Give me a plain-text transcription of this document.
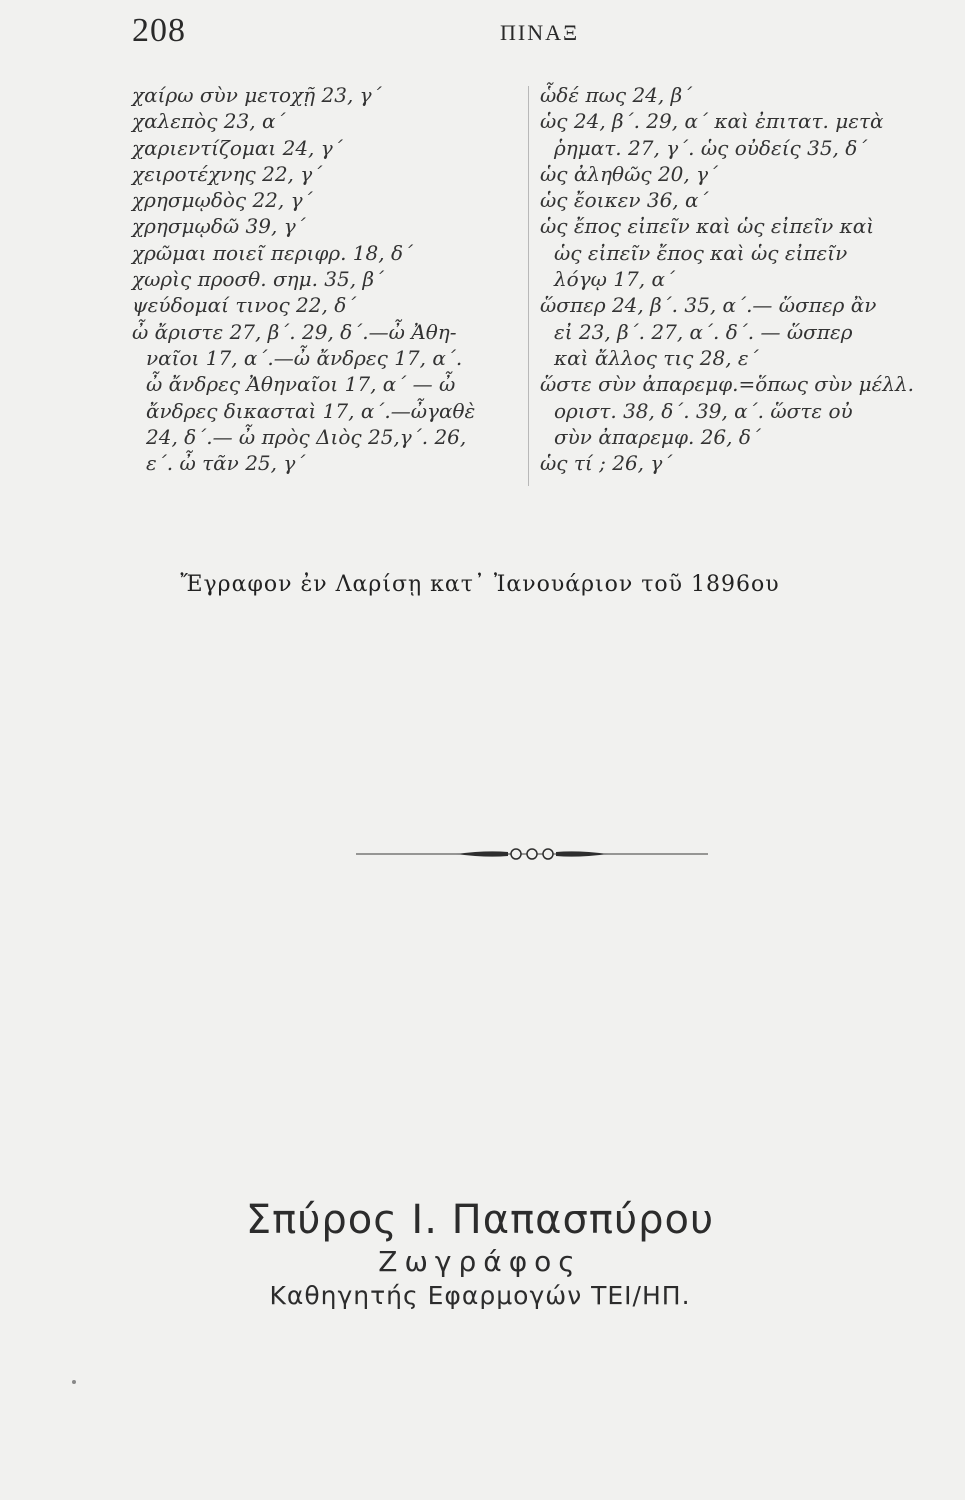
208	ΠΙΝΑΞ
χαίρω σὺν μετοχῇ 23, γ΄
χαλεπὸς 23, α΄
χαριεντίζομαι 24, γ΄
χειροτέχνης 22, γ΄
χρησμῳδὸς 22, γ΄
χρησμῳδῶ 39, γ΄
χρῶμαι ποιεῖ περιφρ. 18, δ΄
χωρὶς προσθ. σημ. 35, β΄
ψεύδομαί τινος 22, δ΄
ὦ ἄριστε 27, β΄. 29, δ΄.—ὦ Ἀθη-
ναῖοι 17, α΄.—ὦ ἄνδρες 17, α΄.
ὦ ἄνδρες Ἀθηναῖοι 17, α΄ — ὦ
ἄνδρες δικασταὶ 17, α΄.—ὦγαθὲ
24, δ΄.— ὦ πρὸς Διὸς 25,γ΄. 26,
ε΄. ὦ τᾶν 25, γ΄
ὧδέ πως 24, β΄
ὡς 24, β΄. 29, α΄ καὶ ἐπιτατ. μετὰ
ῥηματ. 27, γ΄. ὡς οὐδείς 35, δ΄
ὡς ἀληθῶς 20, γ΄
ὡς ἔοικεν 36, α΄
ὡς ἔπος εἰπεῖν καὶ ὡς εἰπεῖν καὶ
ὡς εἰπεῖν ἔπος καὶ ὡς εἰπεῖν
λόγῳ 17, α΄
ὥσπερ 24, β΄. 35, α΄.— ὥσπερ ἂν
εἰ 23, β΄. 27, α΄. δ΄. — ὥσπερ
καὶ ἄλλος τις 28, ε΄
ὥστε σὺν ἀπαρεμφ.=ὅπως σὺν μέλλ.
οριστ. 38, δ΄. 39, α΄. ὥστε οὐ
σὺν ἀπαρεμφ. 26, δ΄
ὡς τί ; 26, γ΄
Ἔγραφον ἐν Λαρίσῃ κατ᾽ Ἰανουάριον τοῦ 1896ου
Σπύρος Ι. Παπασπύρου
Ζωγράφος
Καθηγητής Εφαρμογών ΤΕΙ/ΗΠ.
